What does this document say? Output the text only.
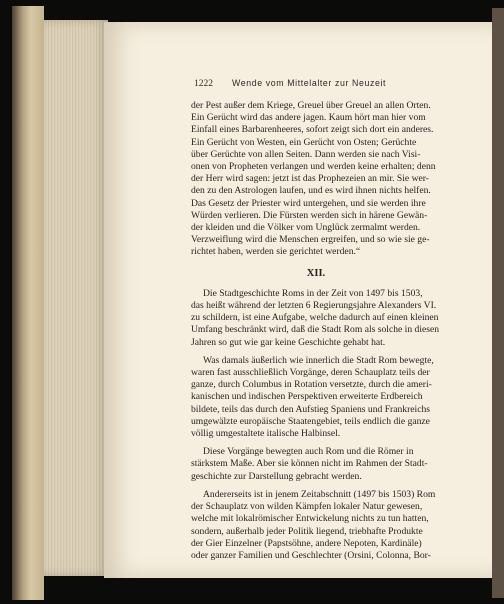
1222 Wende vom Mittelalter zur Neuzeit
der Pest außer dem Kriege, Greuel über Greuel an allen Orten.
Ein Gerücht wird das andere jagen. Kaum hört man hier vom
Einfall eines Barbarenheeres, sofort zeigt sich dort ein anderes.
Ein Gerücht von Westen, ein Gerücht von Osten; Gerüchte
über Gerüchte von allen Seiten. Dann werden sie nach Visi-
onen von Propheten verlangen und werden keine erhalten; denn
der Herr wird sagen: jetzt ist das Prophezeien an mir. Sie wer-
den zu den Astrologen laufen, und es wird ihnen nichts helfen.
Das Gesetz der Priester wird untergehen, und sie werden ihre
Würden verlieren. Die Fürsten werden sich in härene Gewän-
der kleiden und die Völker vom Unglück zermalmt werden.
Verzweiflung wird die Menschen ergreifen, und so wie sie ge-
richtet haben, werden sie gerichtet werden.“
XII.
Die Stadtgeschichte Roms in der Zeit von 1497 bis 1503,
das heißt während der letzten 6 Regierungsjahre Alexanders VI.
zu schildern, ist eine Aufgabe, welche dadurch auf einen kleinen
Umfang beschränkt wird, daß die Stadt Rom als solche in diesen
Jahren so gut wie gar keine Geschichte gehabt hat.
Was damals äußerlich wie innerlich die Stadt Rom bewegte,
waren fast ausschließlich Vorgänge, deren Schauplatz teils der
ganze, durch Columbus in Rotation versetzte, durch die ameri-
kanischen und indischen Perspektiven erweiterte Erdbereich
bildete, teils das durch den Aufstieg Spaniens und Frankreichs
umgewälzte europäische Staatengebiet, teils endlich die ganze
völlig umgestaltete italische Halbinsel.
Diese Vorgänge bewegten auch Rom und die Römer in
stärkstem Maße. Aber sie können nicht im Rahmen der Stadt-
geschichte zur Darstellung gebracht werden.
Andererseits ist in jenem Zeitabschnitt (1497 bis 1503) Rom
der Schauplatz von wilden Kämpfen lokaler Natur gewesen,
welche mit lokalrömischer Entwickelung nichts zu tun hatten,
sondern, außerhalb jeder Politik liegend, triebhafte Produkte
der Gier Einzelner (Papstsöhne, andere Nepoten, Kardinäle)
oder ganzer Familien und Geschlechter (Orsini, Colonna, Bor-
